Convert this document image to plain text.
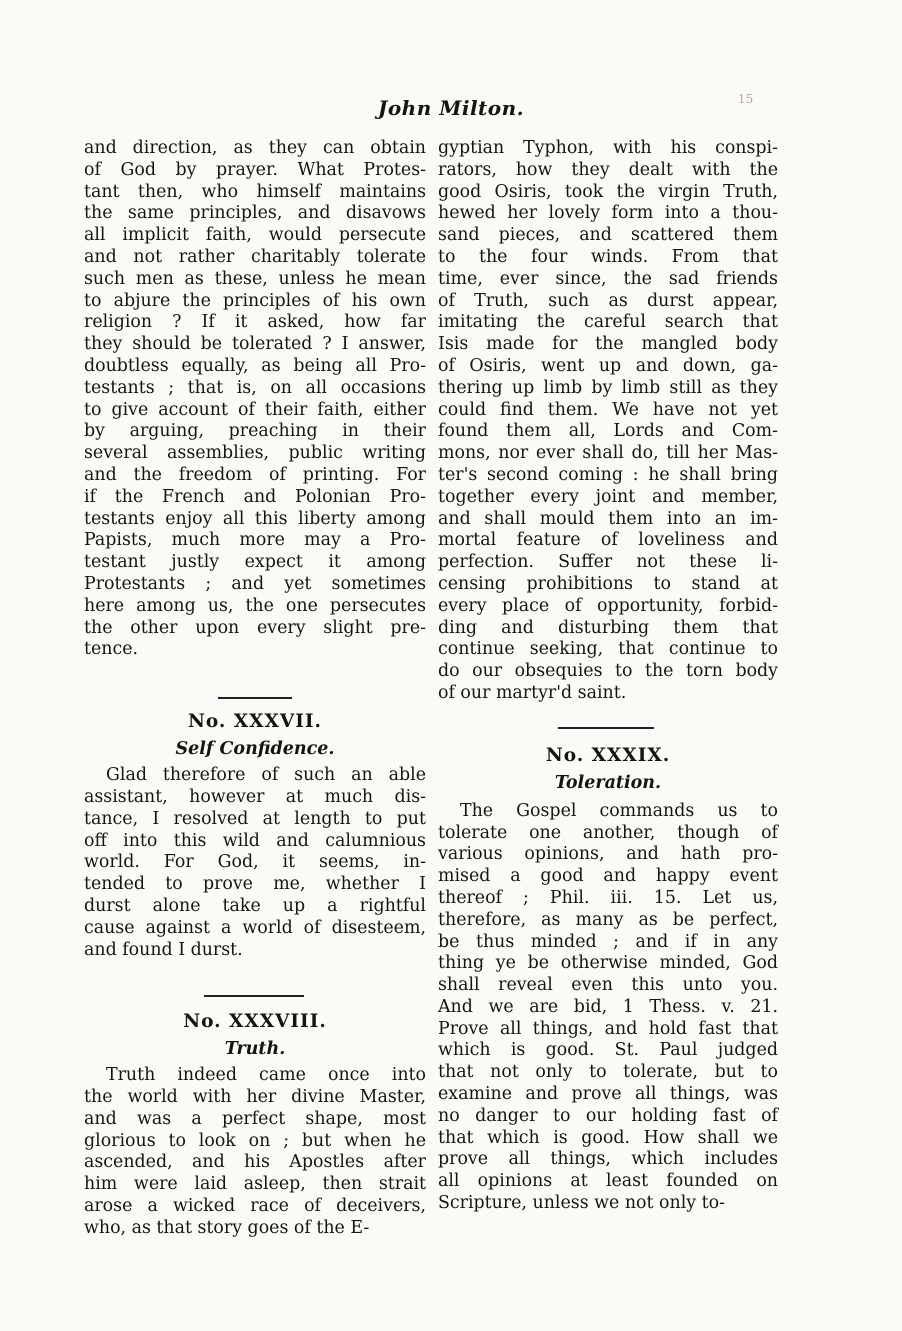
John Milton.	15
and direction, as they can obtain
of God by prayer. What Protes-
tant then, who himself maintains
the same principles, and disavows
all implicit faith, would persecute
and not rather charitably tolerate
such men as these, unless he mean
to abjure the principles of his own
religion ? If it asked, how far
they should be tolerated ? I answer,
doubtless equally, as being all Pro-
testants ; that is, on all occasions
to give account of their faith, either
by arguing, preaching in their
several assemblies, public writing
and the freedom of printing. For
if the French and Polonian Pro-
testants enjoy all this liberty among
Papists, much more may a Pro-
testant justly expect it among
Protestants ; and yet sometimes
here among us, the one persecutes
the other upon every slight pre-
tence.
No. XXXVII.
Self Confidence.
Glad therefore of such an able
assistant, however at much dis-
tance, I resolved at length to put
off into this wild and calumnious
world. For God, it seems, in-
tended to prove me, whether I
durst alone take up a rightful
cause against a world of disesteem,
and found I durst.
No. XXXVIII.
Truth.
Truth indeed came once into
the world with her divine Master,
and was a perfect shape, most
glorious to look on ; but when he
ascended, and his Apostles after
him were laid asleep, then strait
arose a wicked race of deceivers,
who, as that story goes of the E-
gyptian Typhon, with his conspi-
rators, how they dealt with the
good Osiris, took the virgin Truth,
hewed her lovely form into a thou-
sand pieces, and scattered them
to the four winds. From that
time, ever since, the sad friends
of Truth, such as durst appear,
imitating the careful search that
Isis made for the mangled body
of Osiris, went up and down, ga-
thering up limb by limb still as they
could find them. We have not yet
found them all, Lords and Com-
mons, nor ever shall do, till her Mas-
ter's second coming : he shall bring
together every joint and member,
and shall mould them into an im-
mortal feature of loveliness and
perfection. Suffer not these li-
censing prohibitions to stand at
every place of opportunity, forbid-
ding and disturbing them that
continue seeking, that continue to
do our obsequies to the torn body
of our martyr'd saint.
No. XXXIX.
Toleration.
The Gospel commands us to
tolerate one another, though of
various opinions, and hath pro-
mised a good and happy event
thereof ; Phil. iii. 15. Let us,
therefore, as many as be perfect,
be thus minded ; and if in any
thing ye be otherwise minded, God
shall reveal even this unto you.
And we are bid, 1 Thess. v. 21.
Prove all things, and hold fast that
which is good. St. Paul judged
that not only to tolerate, but to
examine and prove all things, was
no danger to our holding fast of
that which is good. How shall we
prove all things, which includes
all opinions at least founded on
Scripture, unless we not only to-
